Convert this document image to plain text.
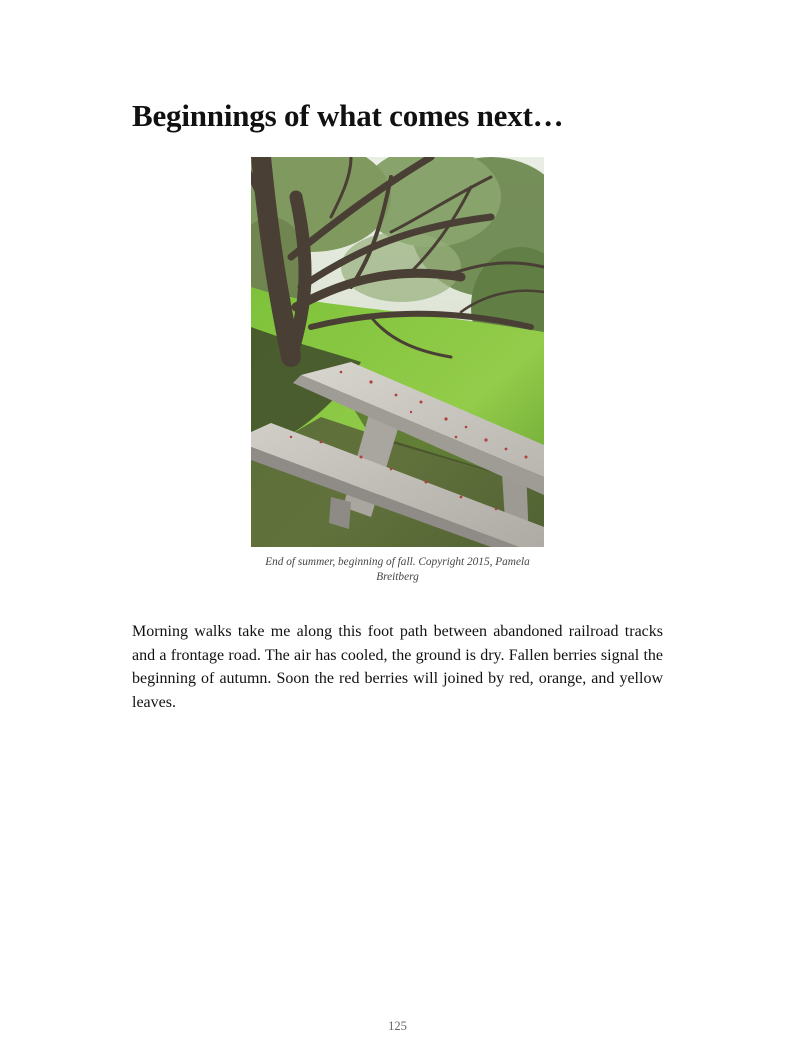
Beginnings of what comes next…

End of summer, beginning of fall. Copyright 2015, Pamela Breitberg

Morning walks take me along this foot path between abandoned railroad tracks and a frontage road. The air has cooled, the ground is dry. Fallen berries signal the beginning of autumn. Soon the red berries will joined by red, orange, and yellow leaves.

125
